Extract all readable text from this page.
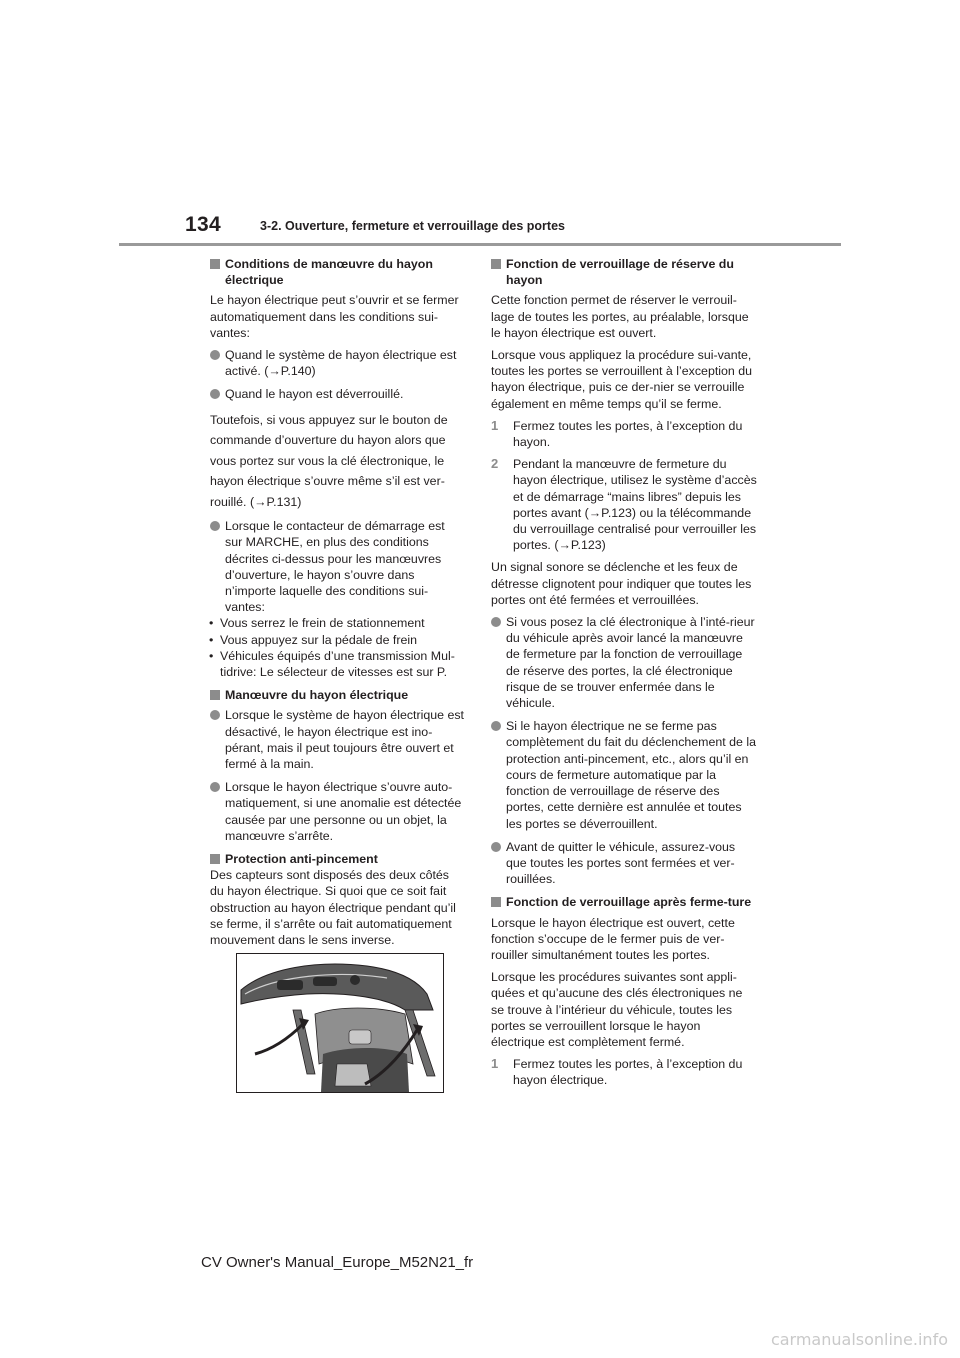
134	3-2. Ouverture, fermeture et verrouillage des portes
Conditions de manœuvre du hayon électrique
Le hayon électrique peut s’ouvrir et se fermer automatiquement dans les conditions sui-vantes:
Quand le système de hayon électrique est activé. (→P.140)
Quand le hayon est déverrouillé.
Toutefois, si vous appuyez sur le bouton de commande d’ouverture du hayon alors que vous portez sur vous la clé électronique, le hayon électrique s’ouvre même s’il est ver-rouillé. (→P.131)
Lorsque le contacteur de démarrage est sur MARCHE, en plus des conditions décrites ci-dessus pour les manœuvres d’ouverture, le hayon s’ouvre dans n’importe laquelle des conditions sui-vantes:
• Vous serrez le frein de stationnement
• Vous appuyez sur la pédale de frein
• Véhicules équipés d’une transmission Mul-tidrive: Le sélecteur de vitesses est sur P.
Manœuvre du hayon électrique
Lorsque le système de hayon électrique est désactivé, le hayon électrique est ino-pérant, mais il peut toujours être ouvert et fermé à la main.
Lorsque le hayon électrique s’ouvre auto-matiquement, si une anomalie est détectée causée par une personne ou un objet, la manœuvre s’arrête.
Protection anti-pincement
Des capteurs sont disposés des deux côtés du hayon électrique. Si quoi que ce soit fait obstruction au hayon électrique pendant qu’il se ferme, il s’arrête ou fait automatiquement mouvement dans le sens inverse.
Fonction de verrouillage de réserve du hayon
Cette fonction permet de réserver le verrouil-lage de toutes les portes, au préalable, lorsque le hayon électrique est ouvert.
Lorsque vous appliquez la procédure sui-vante, toutes les portes se verrouillent à l’exception du hayon électrique, puis ce der-nier se verrouille également en même temps qu’il se ferme.
1 Fermez toutes les portes, à l’exception du hayon.
2 Pendant la manœuvre de fermeture du hayon électrique, utilisez le système d’accès et de démarrage “mains libres” depuis les portes avant (→P.123) ou la télécommande du verrouillage centralisé pour verrouiller les portes. (→P.123)
Un signal sonore se déclenche et les feux de détresse clignotent pour indiquer que toutes les portes ont été fermées et verrouillées.
Si vous posez la clé électronique à l’inté-rieur du véhicule après avoir lancé la manœuvre de fermeture par la fonction de verrouillage de réserve des portes, la clé électronique risque de se trouver enfermée dans le véhicule.
Si le hayon électrique ne se ferme pas complètement du fait du déclenchement de la protection anti-pincement, etc., alors qu’il en cours de fermeture automatique par la fonction de verrouillage de réserve des portes, cette dernière est annulée et toutes les portes se déverrouillent.
Avant de quitter le véhicule, assurez-vous que toutes les portes sont fermées et ver-rouillées.
Fonction de verrouillage après ferme-ture
Lorsque le hayon électrique est ouvert, cette fonction s’occupe de le fermer puis de ver-rouiller simultanément toutes les portes.
Lorsque les procédures suivantes sont appli-quées et qu’aucune des clés électroniques ne se trouve à l’intérieur du véhicule, toutes les portes se verrouillent lorsque le hayon électrique est complètement fermé.
1 Fermez toutes les portes, à l’exception du hayon électrique.
CV Owner's Manual_Europe_M52N21_fr
carmanualsonline.info
